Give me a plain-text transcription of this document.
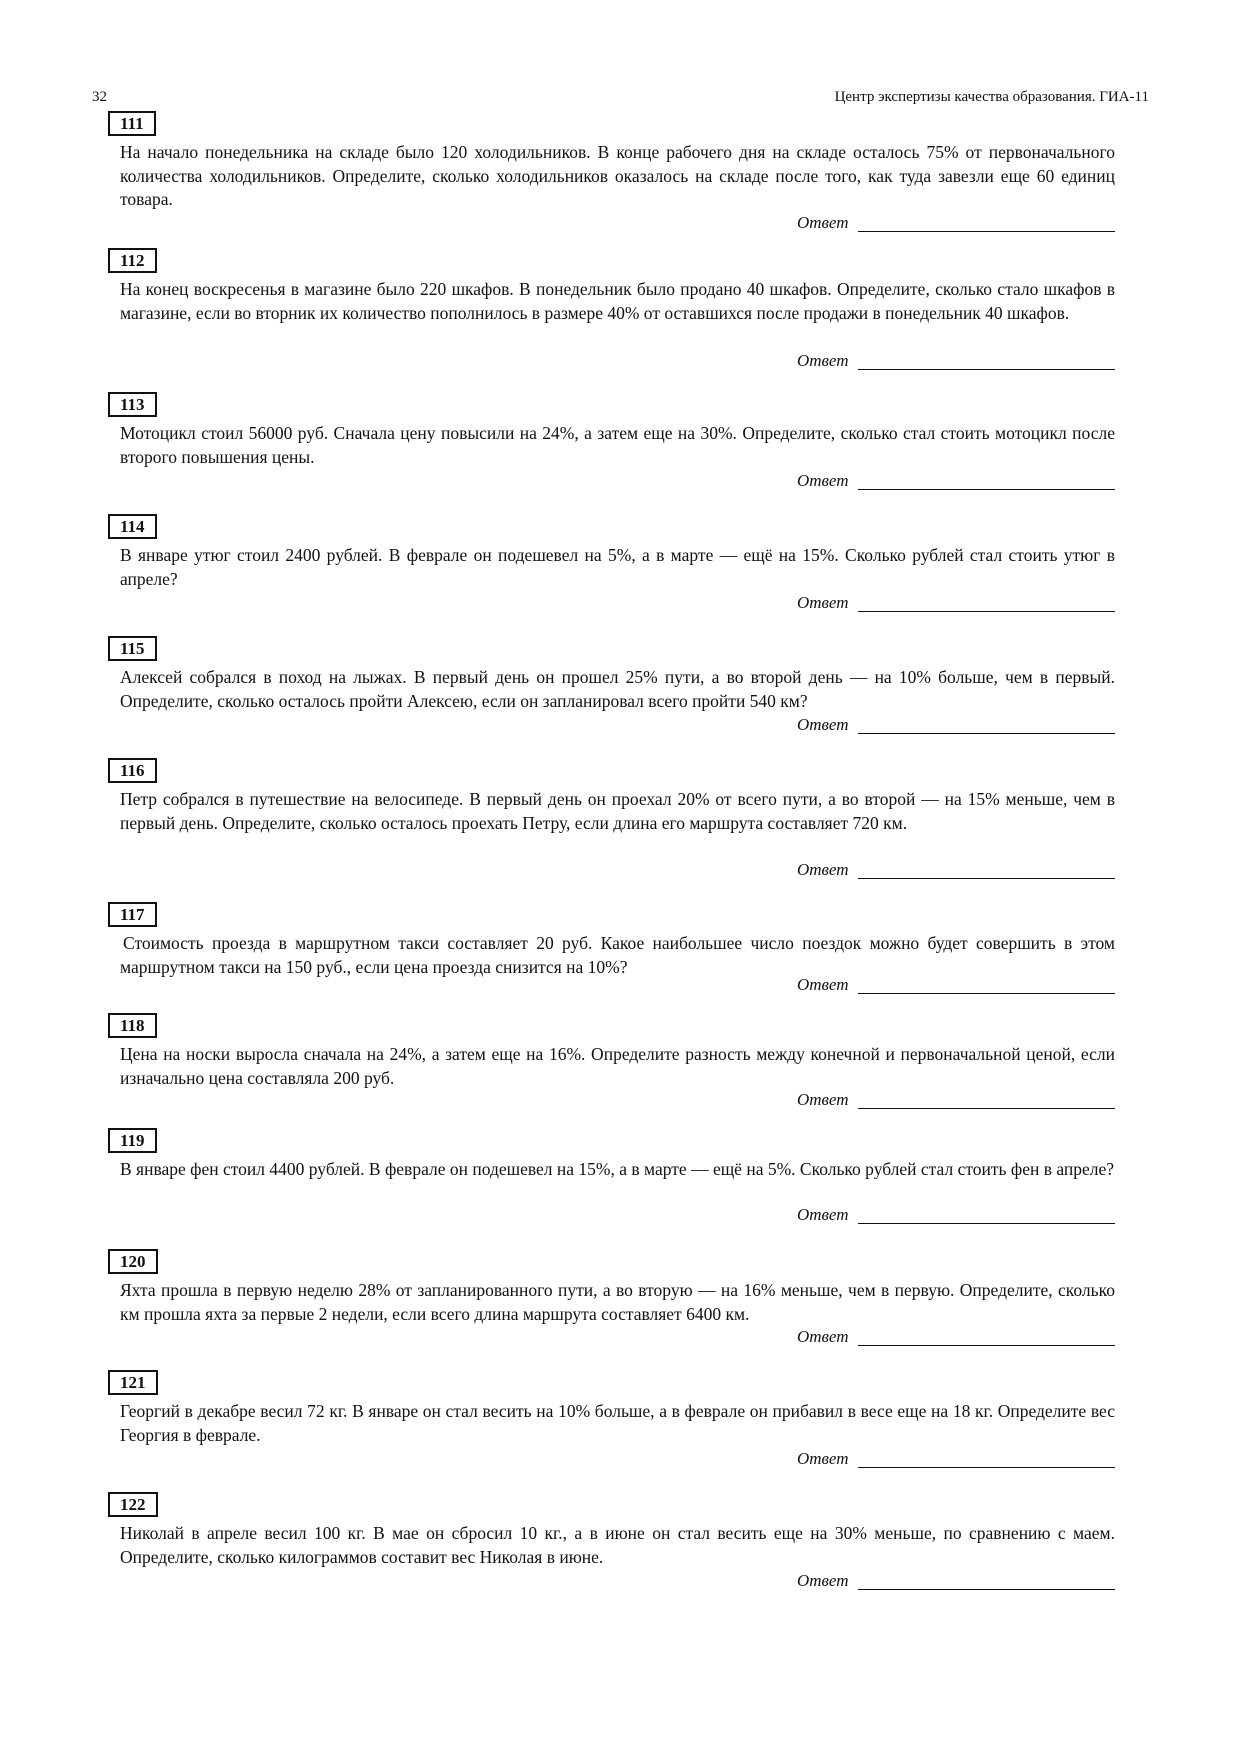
32	Центр экспертизы качества образования. ГИА-11
111

На начало понедельника на складе было 120 холодильников. В конце рабочего дня на складе осталось 75% от первоначального количества холодильников. Определите, сколько холодильников оказалось на складе после того, как туда завезли еще 60 единиц товара.

Ответ
112

На конец воскресенья в магазине было 220 шкафов. В понедельник было продано 40 шкафов. Определите, сколько стало шкафов в магазине, если во вторник их количество пополнилось в размере 40% от оставшихся после продажи в понедельник 40 шкафов.

Ответ
113

Мотоцикл стоил 56000 руб. Сначала цену повысили на 24%, а затем еще на 30%. Определите, сколько стал стоить мотоцикл после второго повышения цены.

Ответ
114

В январе утюг стоил 2400 рублей. В феврале он подешевел на 5%, а в марте — ещё на 15%. Сколько рублей стал стоить утюг в апреле?

Ответ
115

Алексей собрался в поход на лыжах. В первый день он прошел 25% пути, а во второй день — на 10% больше, чем в первый. Определите, сколько осталось пройти Алексею, если он запланировал всего пройти 540 км?

Ответ
116

Петр собрался в путешествие на велосипеде. В первый день он проехал 20% от всего пути, а во второй — на 15% меньше, чем в первый день. Определите, сколько осталось проехать Петру, если длина его маршрута составляет 720 км.

Ответ
117

Стоимость проезда в маршрутном такси составляет 20 руб. Какое наибольшее число поездок можно будет совершить в этом маршрутном такси на 150 руб., если цена проезда снизится на 10%?

Ответ
118

Цена на носки выросла сначала на 24%, а затем еще на 16%. Определите разность между конечной и первоначальной ценой, если изначально цена составляла 200 руб.

Ответ
119

В январе фен стоил 4400 рублей. В феврале он подешевел на 15%, а в марте — ещё на 5%. Сколько рублей стал стоить фен в апреле?

Ответ
120

Яхта прошла в первую неделю 28% от запланированного пути, а во вторую — на 16% меньше, чем в первую. Определите, сколько км прошла яхта за первые 2 недели, если всего длина маршрута составляет 6400 км.

Ответ
121

Георгий в декабре весил 72 кг. В январе он стал весить на 10% больше, а в феврале он прибавил в весе еще на 18 кг. Определите вес Георгия в феврале.

Ответ
122

Николай в апреле весил 100 кг. В мае он сбросил 10 кг., а в июне он стал весить еще на 30% меньше, по сравнению с маем. Определите, сколько килограммов составит вес Николая в июне.

Ответ
